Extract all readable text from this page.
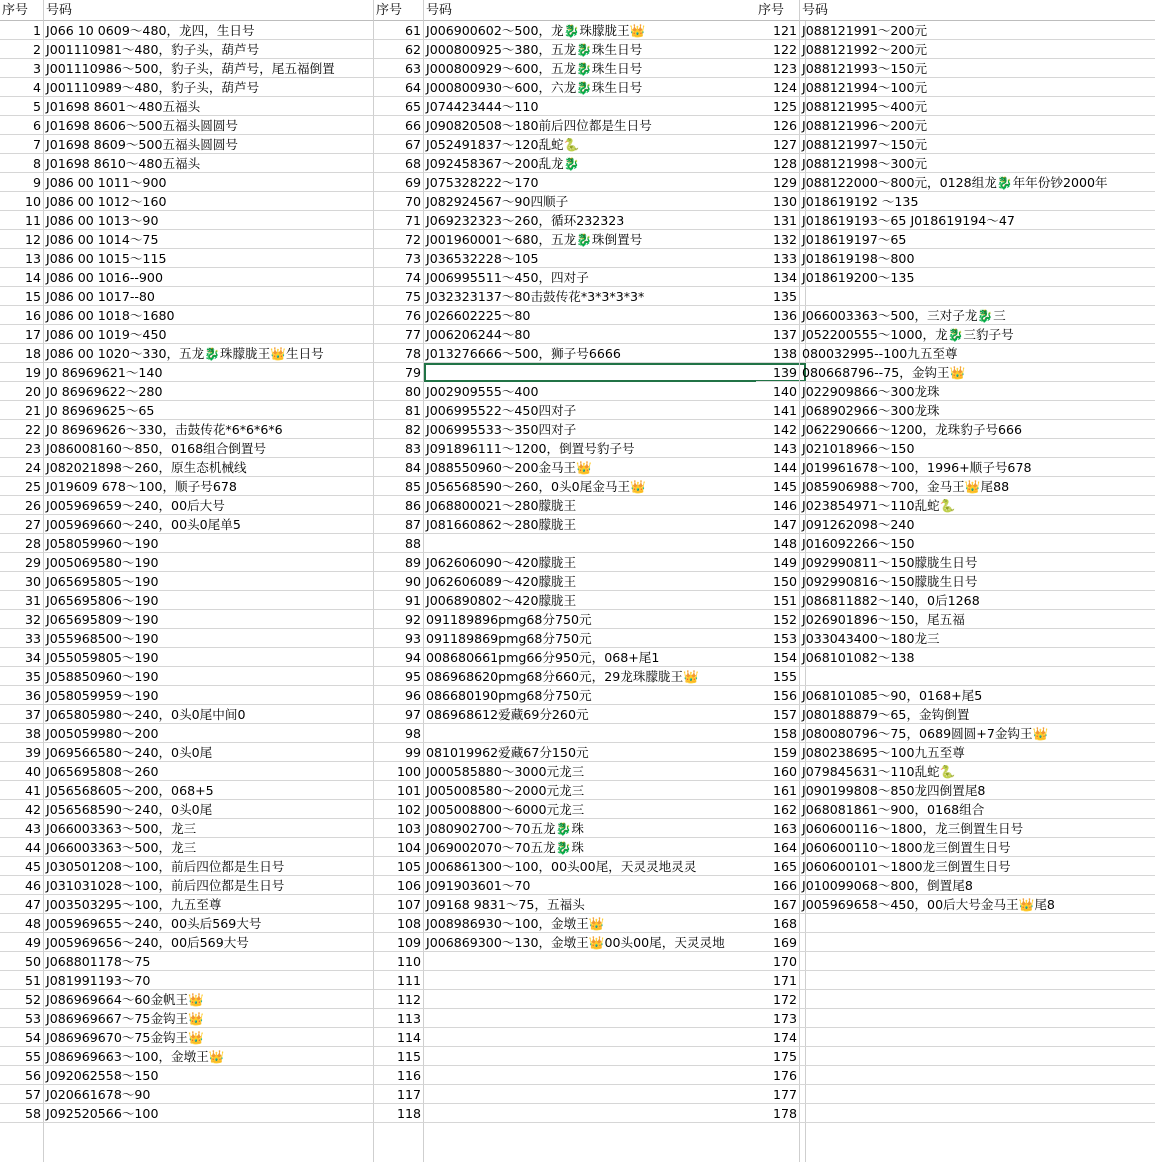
序号	号码
1 J066 10 0609～480，龙四，生日号
2 J001110981～480，豹子头，葫芦号
3 J001110986～500，豹子头，葫芦号，尾五福倒置
4 J001110989～480，豹子头，葫芦号
5 J01698 8601～480五福头
6 J01698 8606～500五福头圆圆号
7 J01698 8609～500五福头圆圆号
8 J01698 8610～480五福头
9 J086 00 1011～900
10 J086 00 1012～160
11 J086 00 1013～90
12 J086 00 1014～75
13 J086 00 1015～115
14 J086 00 1016--900
15 J086 00 1017--80
16 J086 00 1018～1680
17 J086 00 1019～450
18 J086 00 1020～330，五龙🐉珠朦胧王👑生日号
19 J0 86969621～140
20 J0 86969622～280
21 J0 86969625～65
22 J0 86969626～330，击鼓传花*6*6*6*6
23 J086008160～850，0168组合倒置号
24 J082021898～260，原生态机械线
25 J019609 678～100，顺子号678
26 J005969659～240，00后大号
27 J005969660～240，00头0尾单5
28 J058059960～190
29 J005069580～190
30 J065695805～190
31 J065695806～190
32 J065695809～190
33 J055968500～190
34 J055059805～190
35 J058850960～190
36 J058059959～190
37 J065805980～240，0头0尾中间0
38 J005059980～200
39 J069566580～240，0头0尾
40 J065695808～260
41 J056568605～200，068+5
42 J056568590～240，0头0尾
43 J066003363～500，龙三
44 J066003363～500，龙三
45 J030501208～100，前后四位都是生日号
46 J031031028～100，前后四位都是生日号
47 J003503295～100，九五至尊
48 J005969655～240，00头后569大号
49 J005969656～240，00后569大号
50 J068801178～75
51 J081991193～70
52 J086969664～60金帆王👑
53 J086969667～75金钩王👑
54 J086969670～75金钩王👑
55 J086969663～100，金墩王👑
56 J092062558～150
57 J020661678～90
58 J092520566～100
序号	号码
61 J006900602～500，龙🐉珠朦胧王👑
62 J000800925～380，五龙🐉珠生日号
63 J000800929～600，五龙🐉珠生日号
64 J000800930～600，六龙🐉珠生日号
65 J074423444～110
66 J090820508～180前后四位都是生日号
67 J052491837～120乱蛇🐍
68 J092458367～200乱龙🐉
69 J075328222～170
70 J082924567～90四顺子
71 J069232323～260，循环232323
72 J001960001～680，五龙🐉珠倒置号
73 J036532228～105
74 J006995511～450，四对子
75 J032323137～80击鼓传花*3*3*3*3*
76 J026602225～80
77 J006206244～80
78 J013276666～500，狮子号6666
79
80 J002909555～400
81 J006995522～450四对子
82 J006995533～350四对子
83 J091896111～1200，倒置号豹子号
84 J088550960～200金马王👑
85 J056568590～260，0头0尾金马王👑
86 J068800021～280朦胧王
87 J081660862～280朦胧王
88
89 J062606090～420朦胧王
90 J062606089～420朦胧王
91 J006890802～420朦胧王
92 091189896pmg68分750元
93 091189869pmg68分750元
94 008680661pmg66分950元，068+尾1
95 086968620pmg68分660元，29龙珠朦胧王👑
96 086680190pmg68分750元
97 086968612爱藏69分260元
98
99 081019962爱藏67分150元
100 J000585880～3000元龙三
101 J005008580～2000元龙三
102 J005008800～6000元龙三
103 J080902700～70五龙🐉珠
104 J069002070～70五龙🐉珠
105 J006861300～100，00头00尾，天灵灵地灵灵
106 J091903601～70
107 J09168 9831～75，五福头
108 J008986930～100，金墩王👑
109 J006869300～130，金墩王👑00头00尾，天灵灵地
110
111
112
113
114
115
116
117
118
序号	号码
121 J088121991～200元
122 J088121992～200元
123 J088121993～150元
124 J088121994～100元
125 J088121995～400元
126 J088121996～200元
127 J088121997～150元
128 J088121998～300元
129 J088122000～800元，0128组龙🐉年年份钞2000年
130 J018619192 ～135
131 J018619193～65 J018619194～47
132 J018619197～65
133 J018619198～800
134 J018619200～135
135
136 J066003363～500，三对子龙🐉三
137 J052200555～1000，龙🐉三豹子号
138 080032995--100九五至尊
139 080668796--75，金钩王👑
140 J022909866～300龙珠
141 J068902966～300龙珠
142 J062290666～1200，龙珠豹子号666
143 J021018966～150
144 J019961678～100，1996+顺子号678
145 J085906988～700，金马王👑尾88
146 J023854971～110乱蛇🐍
147 J091262098～240
148 J016092266～150
149 J092990811～150朦胧生日号
150 J092990816～150朦胧生日号
151 J086811882～140，0后1268
152 J026901896～150，尾五福
153 J033043400～180龙三
154 J068101082～138
155
156 J068101085～90，0168+尾5
157 J080188879～65，金钩倒置
158 J080080796～75，0689圆圆+7金钩王👑
159 J080238695～100九五至尊
160 J079845631～110乱蛇🐍
161 J090199808～850龙四倒置尾8
162 J068081861～900，0168组合
163 J060600116～1800，龙三倒置生日号
164 J060600110～1800龙三倒置生日号
165 J060600101～1800龙三倒置生日号
166 J010099068～800，倒置尾8
167 J005969658～450，00后大号金马王👑尾8
168
169
170
171
172
173
174
175
176
177
178
